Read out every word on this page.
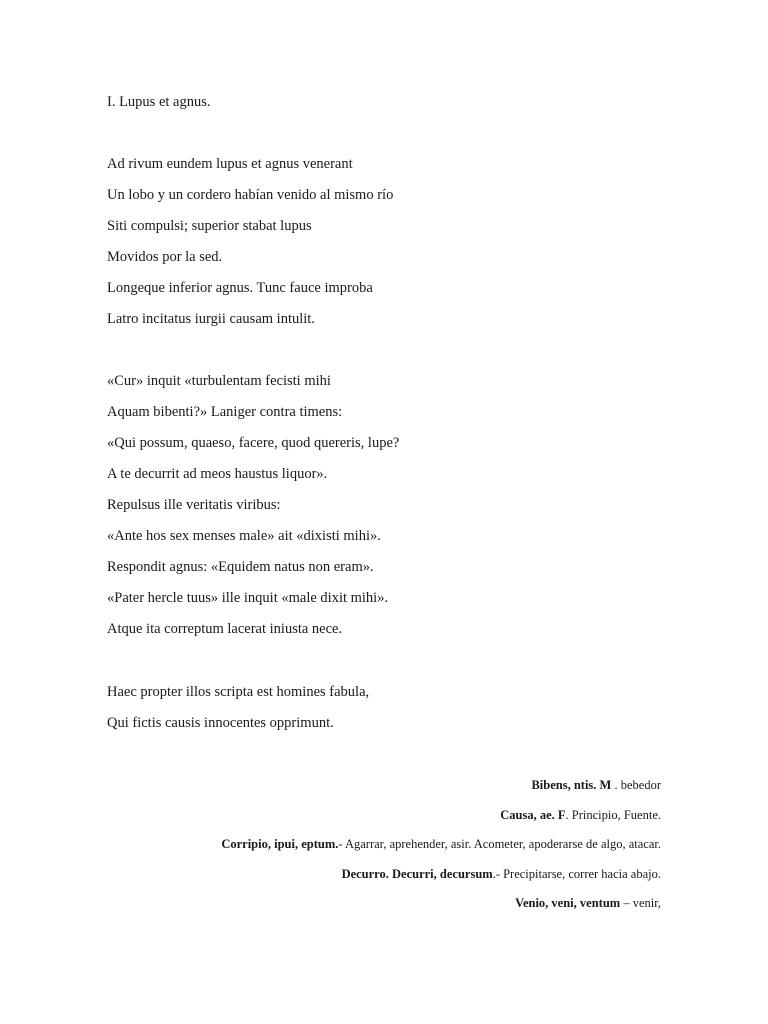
I. Lupus et agnus.
Ad rivum eundem lupus et agnus venerant
Un lobo y un cordero habían venido al mismo río
Siti compulsi; superior stabat lupus
Movidos por la sed.
Longeque inferior agnus. Tunc fauce improba
Latro incitatus iurgii causam intulit.
«Cur» inquit «turbulentam fecisti mihi
Aquam bibenti?» Laniger contra timens:
«Qui possum, quaeso, facere, quod quereris, lupe?
A te decurrit ad meos haustus liquor».
Repulsus ille veritatis viribus:
«Ante hos sex menses male» ait «dixisti mihi».
Respondit agnus: «Equidem natus non eram».
«Pater hercle tuus» ille inquit «male dixit mihi».
Atque ita correptum lacerat iniusta nece.
Haec propter illos scripta est homines fabula,
Qui fictis causis innocentes opprimunt.
Bibens, ntis. M . bebedor
Causa, ae. F. Principio, Fuente.
Corripio, ipui, eptum.- Agarrar, aprehender, asir. Acometer, apoderarse de algo, atacar.
Decurro. Decurri, decursum.- Precipitarse, correr hacia abajo.
Venio, veni, ventum – venir,
